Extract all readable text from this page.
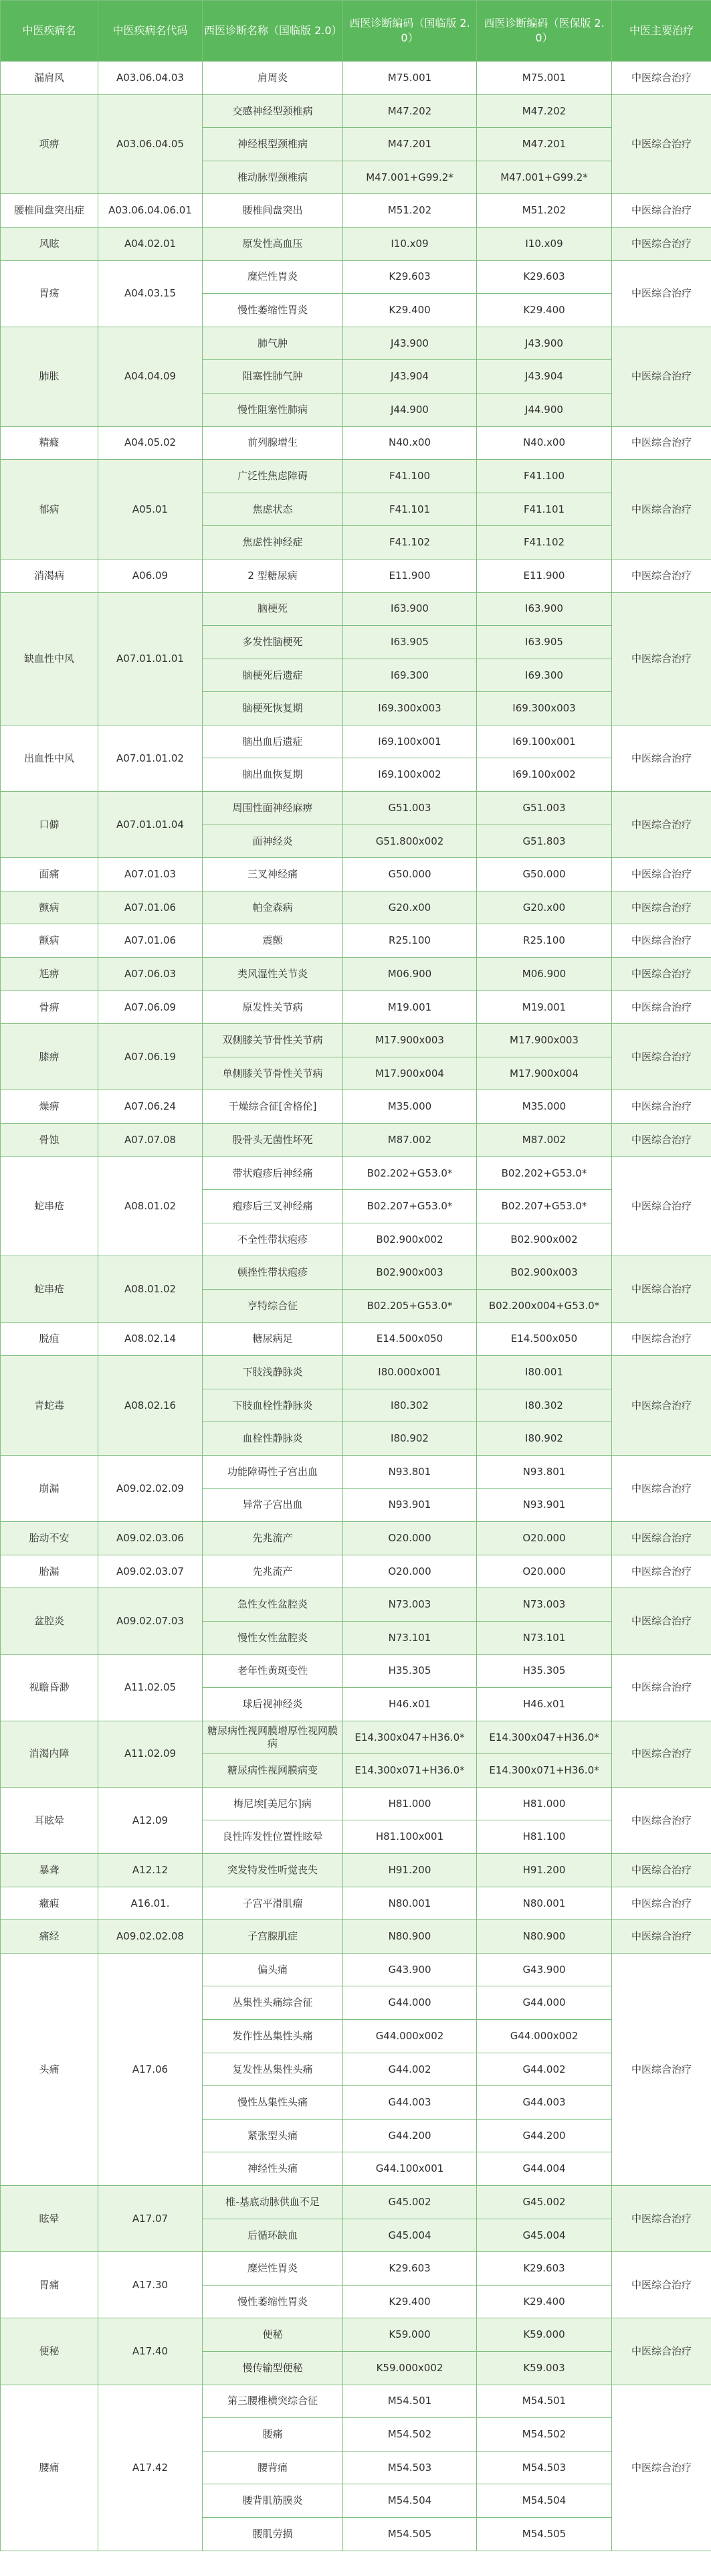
中医疾病名	中医疾病名代码	西医诊断名称（国临版 2.0）	西医诊断编码（国临版 2.0）	西医诊断编码（医保版 2.0）	中医主要治疗
漏肩风	A03.06.04.03	肩周炎	M75.001	M75.001	中医综合治疗
项痹	A03.06.04.05	交感神经型颈椎病	M47.202	M47.202	中医综合治疗
		神经根型颈椎病	M47.201	M47.201	
		椎动脉型颈椎病	M47.001+G99.2*	M47.001+G99.2*	
腰椎间盘突出症	A03.06.04.06.01	腰椎间盘突出	M51.202	M51.202	中医综合治疗
风眩	A04.02.01	原发性高血压	I10.x09	I10.x09	中医综合治疗
胃疡	A04.03.15	糜烂性胃炎	K29.603	K29.603	中医综合治疗
		慢性萎缩性胃炎	K29.400	K29.400	
肺胀	A04.04.09	肺气肿	J43.900	J43.900	中医综合治疗
		阻塞性肺气肿	J43.904	J43.904	
		慢性阻塞性肺病	J44.900	J44.900	
精癃	A04.05.02	前列腺增生	N40.x00	N40.x00	中医综合治疗
郁病	A05.01	广泛性焦虑障碍	F41.100	F41.100	中医综合治疗
		焦虑状态	F41.101	F41.101	
		焦虑性神经症	F41.102	F41.102	
消渴病	A06.09	2 型糖尿病	E11.900	E11.900	中医综合治疗
缺血性中风	A07.01.01.01	脑梗死	I63.900	I63.900	中医综合治疗
		多发性脑梗死	I63.905	I63.905	
		脑梗死后遗症	I69.300	I69.300	
		脑梗死恢复期	I69.300x003	I69.300x003	
出血性中风	A07.01.01.02	脑出血后遗症	I69.100x001	I69.100x001	中医综合治疗
		脑出血恢复期	I69.100x002	I69.100x002	
口僻	A07.01.01.04	周围性面神经麻痹	G51.003	G51.003	中医综合治疗
		面神经炎	G51.800x002	G51.803	
面痛	A07.01.03	三叉神经痛	G50.000	G50.000	中医综合治疗
颤病	A07.01.06	帕金森病	G20.x00	G20.x00	中医综合治疗
颤病	A07.01.06	震颤	R25.100	R25.100	中医综合治疗
尪痹	A07.06.03	类风湿性关节炎	M06.900	M06.900	中医综合治疗
骨痹	A07.06.09	原发性关节病	M19.001	M19.001	中医综合治疗
膝痹	A07.06.19	双侧膝关节骨性关节病	M17.900x003	M17.900x003	中医综合治疗
		单侧膝关节骨性关节病	M17.900x004	M17.900x004	
燥痹	A07.06.24	干燥综合征[舍格伦]	M35.000	M35.000	中医综合治疗
骨蚀	A07.07.08	股骨头无菌性坏死	M87.002	M87.002	中医综合治疗
蛇串疮	A08.01.02	带状疱疹后神经痛	B02.202+G53.0*	B02.202+G53.0*	中医综合治疗
		疱疹后三叉神经痛	B02.207+G53.0*	B02.207+G53.0*	
		不全性带状疱疹	B02.900x002	B02.900x002	
蛇串疮	A08.01.02	顿挫性带状疱疹	B02.900x003	B02.900x003	中医综合治疗
		亨特综合征	B02.205+G53.0*	B02.200x004+G53.0*	
脱疽	A08.02.14	糖尿病足	E14.500x050	E14.500x050	中医综合治疗
青蛇毒	A08.02.16	下肢浅静脉炎	I80.000x001	I80.001	中医综合治疗
		下肢血栓性静脉炎	I80.302	I80.302	
		血栓性静脉炎	I80.902	I80.902	
崩漏	A09.02.02.09	功能障碍性子宫出血	N93.801	N93.801	中医综合治疗
		异常子宫出血	N93.901	N93.901	
胎动不安	A09.02.03.06	先兆流产	O20.000	O20.000	中医综合治疗
胎漏	A09.02.03.07	先兆流产	O20.000	O20.000	中医综合治疗
盆腔炎	A09.02.07.03	急性女性盆腔炎	N73.003	N73.003	中医综合治疗
		慢性女性盆腔炎	N73.101	N73.101	
视瞻昏渺	A11.02.05	老年性黄斑变性	H35.305	H35.305	中医综合治疗
		球后视神经炎	H46.x01	H46.x01	
消渴内障	A11.02.09	糖尿病性视网膜增厚性视网膜病	E14.300x047+H36.0*	E14.300x047+H36.0*	中医综合治疗
		糖尿病性视网膜病变	E14.300x071+H36.0*	E14.300x071+H36.0*	
耳眩晕	A12.09	梅尼埃[美尼尔]病	H81.000	H81.000	中医综合治疗
		良性阵发性位置性眩晕	H81.100x001	H81.100	
暴聋	A12.12	突发特发性听觉丧失	H91.200	H91.200	中医综合治疗
癥瘕	A16.01.	子宫平滑肌瘤	N80.001	N80.001	中医综合治疗
痛经	A09.02.02.08	子宫腺肌症	N80.900	N80.900	中医综合治疗
头痛	A17.06	偏头痛	G43.900	G43.900	中医综合治疗
		丛集性头痛综合征	G44.000	G44.000	
		发作性丛集性头痛	G44.000x002	G44.000x002	
		复发性丛集性头痛	G44.002	G44.002	
		慢性丛集性头痛	G44.003	G44.003	
		紧张型头痛	G44.200	G44.200	
		神经性头痛	G44.100x001	G44.004	
眩晕	A17.07	椎-基底动脉供血不足	G45.002	G45.002	中医综合治疗
		后循环缺血	G45.004	G45.004	
胃痛	A17.30	糜烂性胃炎	K29.603	K29.603	中医综合治疗
		慢性萎缩性胃炎	K29.400	K29.400	
便秘	A17.40	便秘	K59.000	K59.000	中医综合治疗
		慢传输型便秘	K59.000x002	K59.003	
腰痛	A17.42	第三腰椎横突综合征	M54.501	M54.501	中医综合治疗
		腰痛	M54.502	M54.502	
		腰背痛	M54.503	M54.503	
		腰背肌筋膜炎	M54.504	M54.504	
		腰肌劳损	M54.505	M54.505	
